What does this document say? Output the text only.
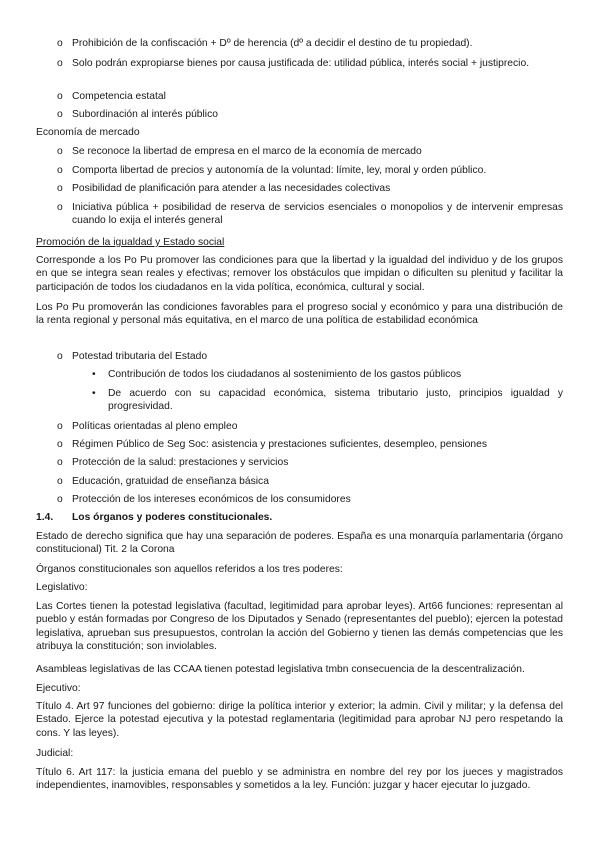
o Prohibición de la confiscación + Dº de herencia (dº a decidir el destino de tu propiedad).
o Solo podrán expropiarse bienes por causa justificada de: utilidad pública, interés social + justiprecio.
o Competencia estatal
o Subordinación al interés público
Economía de mercado
o Se reconoce la libertad de empresa en el marco de la economía de mercado
o Comporta libertad de precios y autonomía de la voluntad: límite, ley, moral y orden público.
o Posibilidad de planificación para atender a las necesidades colectivas
o Iniciativa pública + posibilidad de reserva de servicios esenciales o monopolios y de intervenir empresas cuando lo exija el interés general
Promoción de la igualdad y Estado social
Corresponde a los Po Pu promover las condiciones para que la libertad y la igualdad del individuo y de los grupos en que se integra sean reales y efectivas; remover los obstáculos que impidan o dificulten su plenitud y facilitar la participación de todos los ciudadanos en la vida política, económica, cultural y social.
Los Po Pu promoverán las condiciones favorables para el progreso social y económico y para una distribución de la renta regional y personal más equitativa, en el marco de una política de estabilidad económica
o Potestad tributaria del Estado
• Contribución de todos los ciudadanos al sostenimiento de los gastos públicos
• De acuerdo con su capacidad económica, sistema tributario justo, principios igualdad y progresividad.
o Políticas orientadas al pleno empleo
o Régimen Público de Seg Soc: asistencia y prestaciones suficientes, desempleo, pensiones
o Protección de la salud: prestaciones y servicios
o Educación, gratuidad de enseñanza básica
o Protección de los intereses económicos de los consumidores
1.4. Los órganos y poderes constitucionales.
Estado de derecho significa que hay una separación de poderes. España es una monarquía parlamentaria (órgano constitucional) Tit. 2 la Corona
Órganos constitucionales son aquellos referidos a los tres poderes:
Legislativo:
Las Cortes tienen la potestad legislativa (facultad, legitimidad para aprobar leyes). Art66 funciones: representan al pueblo y están formadas por Congreso de los Diputados y Senado (representantes del pueblo); ejercen la potestad legislativa, aprueban sus presupuestos, controlan la acción del Gobierno y tienen las demás competencias que les atribuya la constitución; son inviolables.
Asambleas legislativas de las CCAA tienen potestad legislativa tmbn consecuencia de la descentralización.
Ejecutivo:
Título 4. Art 97 funciones del gobierno: dirige la política interior y exterior; la admin. Civil y militar; y la defensa del Estado. Ejerce la potestad ejecutiva y la potestad reglamentaria (legitimidad para aprobar NJ pero respetando la cons. Y las leyes).
Judicial:
Título 6. Art 117: la justicia emana del pueblo y se administra en nombre del rey por los jueces y magistrados independientes, inamovibles, responsables y sometidos a la ley. Función: juzgar y hacer ejecutar lo juzgado.
